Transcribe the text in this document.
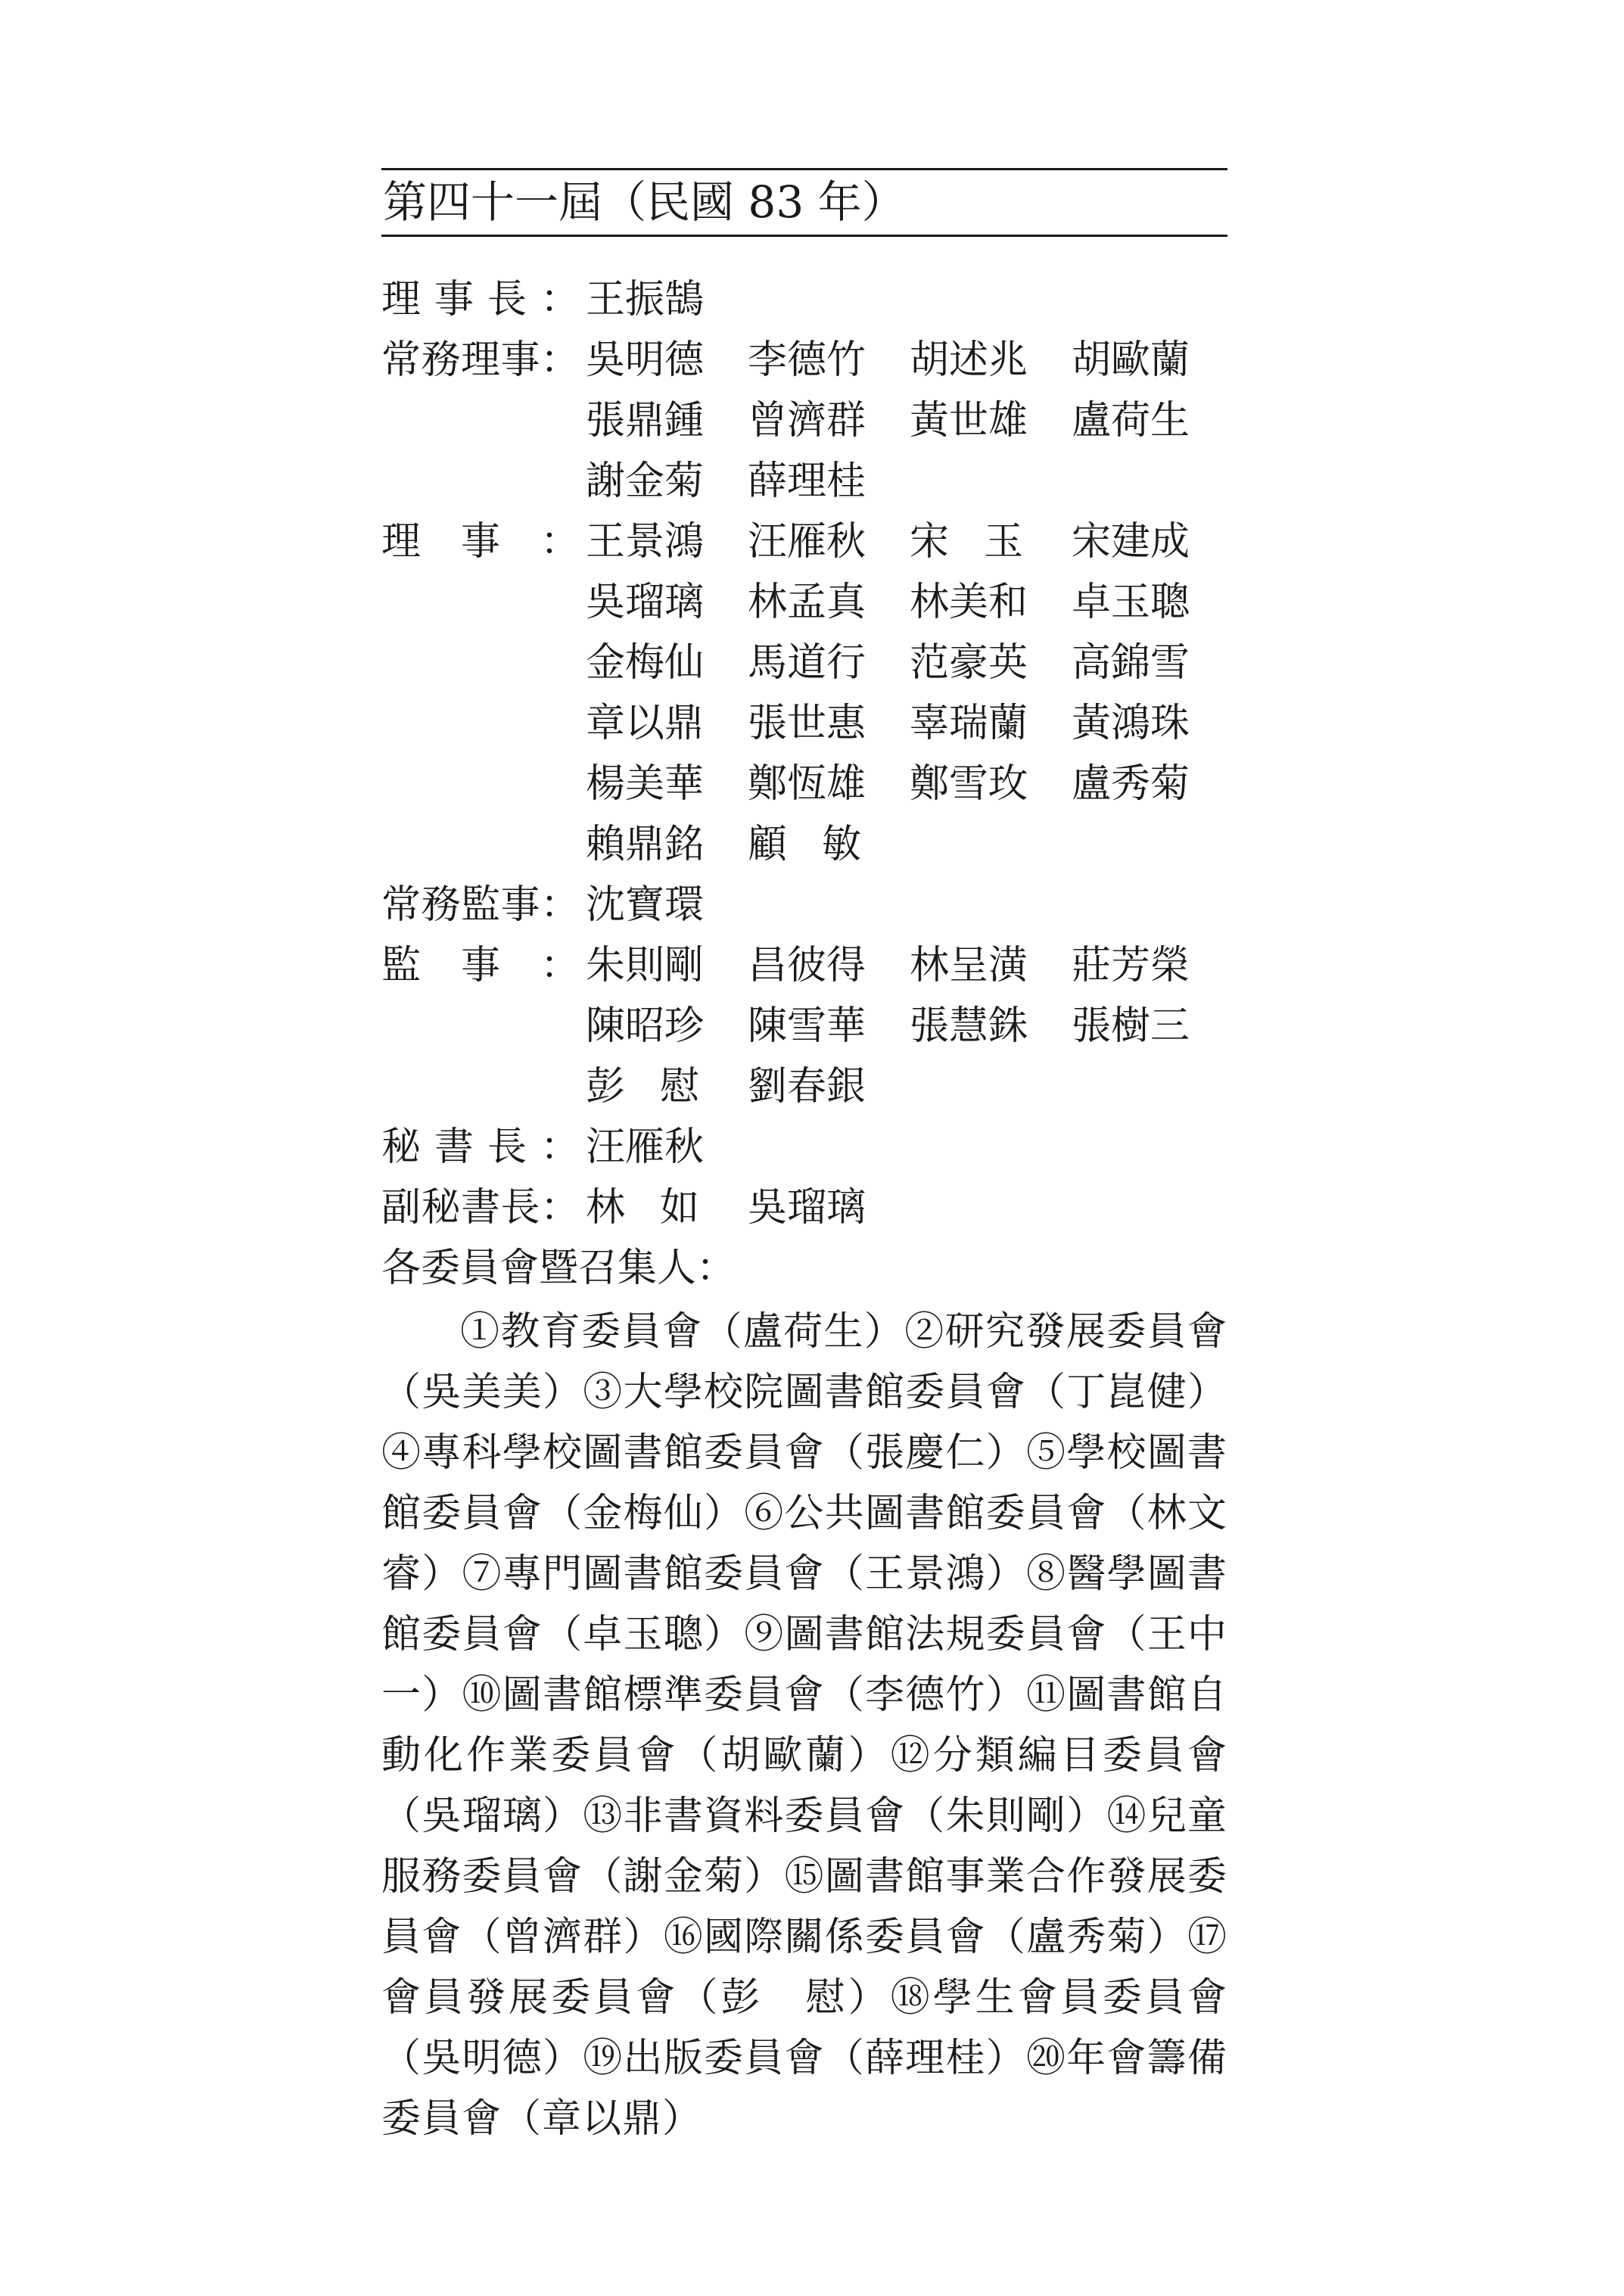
第四十一屆（民國 83 年）
理 事 長 ： 王 振 鵠
常 務 理 事 ： 吳 明 德 李 德 竹 胡 述 兆 胡 歐 蘭
張 鼎 鍾 曾 濟 群 黃 世 雄 盧 荷 生
謝 金 菊 薛 理 桂
理 事 ： 王 景 鴻 汪 雁 秋 宋 玉 宋 建 成
吳 瑠 璃 林 孟 真 林 美 和 卓 玉 聰
金 梅 仙 馬 道 行 范 豪 英 高 錦 雪
章 以 鼎 張 世 惠 辜 瑞 蘭 黃 鴻 珠
楊 美 華 鄭 恆 雄 鄭 雪 玫 盧 秀 菊
賴 鼎 銘 顧 敏
常 務 監 事 ： 沈 寶 環
監 事 ： 朱 則 剛 昌 彼 得 林 呈 潢 莊 芳 榮
陳 昭 珍 陳 雪 華 張 慧 銖 張 樹 三
彭 慰 劉 春 銀
秘 書 長 ： 汪 雁 秋
副 秘 書 長 ： 林 如 吳 瑠 璃
各委員會暨召集人：
①教育委員會（盧荷生）②研究發展委員會（吳美美）③大學校院圖書館委員會（丁崑健）④專科學校圖書館委員會（張慶仁）⑤學校圖書館委員會（金梅仙）⑥公共圖書館委員會（林文睿）⑦專門圖書館委員會（王景鴻）⑧醫學圖書館委員會（卓玉聰）⑨圖書館法規委員會（王中一）⑩圖書館標準委員會（李德竹）⑪圖書館自動化作業委員會（胡歐蘭）⑫分類編目委員會（吳瑠璃）⑬非書資料委員會（朱則剛）⑭兒童服務委員會（謝金菊）⑮圖書館事業合作發展委員會（曾濟群）⑯國際關係委員會（盧秀菊）⑰會員發展委員會（彭　慰）⑱學生會員委員會（吳明德）⑲出版委員會（薛理桂）⑳年會籌備委員會（章以鼎）
